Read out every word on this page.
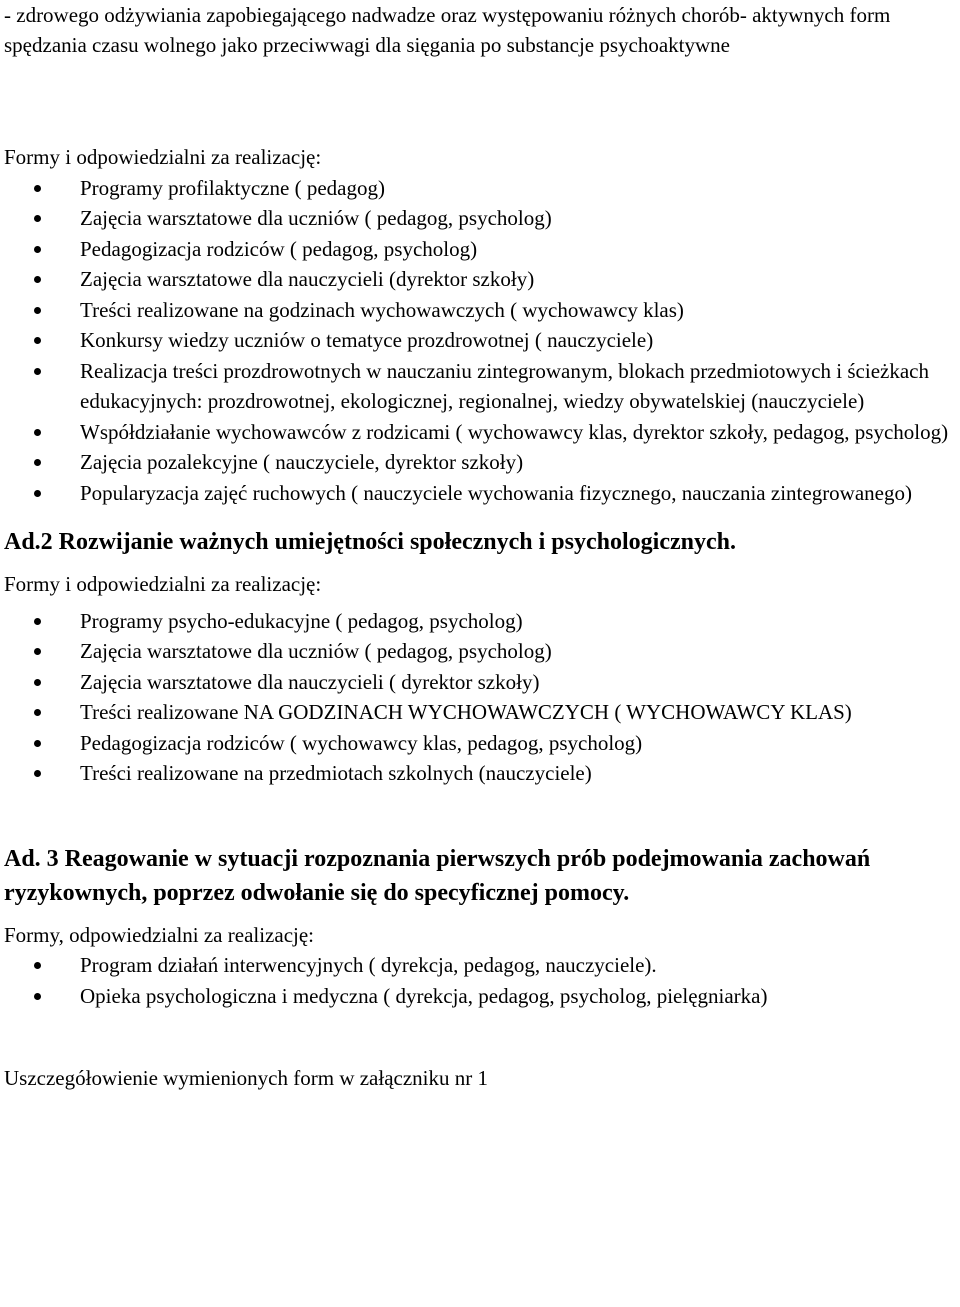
- zdrowego odżywiania zapobiegającego nadwadze oraz występowaniu różnych chorób- aktywnych form spędzania czasu wolnego jako przeciwwagi dla sięgania po substancje psychoaktywne

Formy i odpowiedzialni za realizację:

Programy profilaktyczne ( pedagog)
Zajęcia warsztatowe dla uczniów ( pedagog, psycholog)
Pedagogizacja rodziców ( pedagog, psycholog)
Zajęcia warsztatowe dla nauczycieli (dyrektor szkoły)
Treści realizowane na godzinach wychowawczych ( wychowawcy klas)
Konkursy wiedzy uczniów o tematyce prozdrowotnej ( nauczyciele)
Realizacja treści prozdrowotnych w nauczaniu zintegrowanym, blokach przedmiotowych i ścieżkach edukacyjnych: prozdrowotnej, ekologicznej, regionalnej, wiedzy obywatelskiej (nauczyciele)
Współdziałanie wychowawców z rodzicami ( wychowawcy klas, dyrektor szkoły, pedagog, psycholog)
Zajęcia pozalekcyjne ( nauczyciele, dyrektor szkoły)
Popularyzacja zajęć ruchowych ( nauczyciele wychowania fizycznego, nauczania zintegrowanego)
Ad.2 Rozwijanie ważnych umiejętności społecznych i psychologicznych.

Formy i odpowiedzialni za realizację:

Programy psycho-edukacyjne ( pedagog, psycholog)
Zajęcia warsztatowe dla uczniów ( pedagog, psycholog)
Zajęcia warsztatowe dla nauczycieli ( dyrektor szkoły)
Treści realizowane NA GODZINACH WYCHOWAWCZYCH ( WYCHOWAWCY KLAS)
Pedagogizacja rodziców ( wychowawcy klas, pedagog, psycholog)
Treści realizowane na przedmiotach szkolnych (nauczyciele)
Ad. 3 Reagowanie w sytuacji rozpoznania pierwszych prób podejmowania zachowań ryzykownych, poprzez odwołanie się do specyficznej pomocy.

Formy, odpowiedzialni za realizację:

Program działań interwencyjnych ( dyrekcja, pedagog, nauczyciele).
Opieka psychologiczna i medyczna ( dyrekcja, pedagog, psycholog, pielęgniarka)

Uszczegółowienie wymienionych form w załączniku nr 1
